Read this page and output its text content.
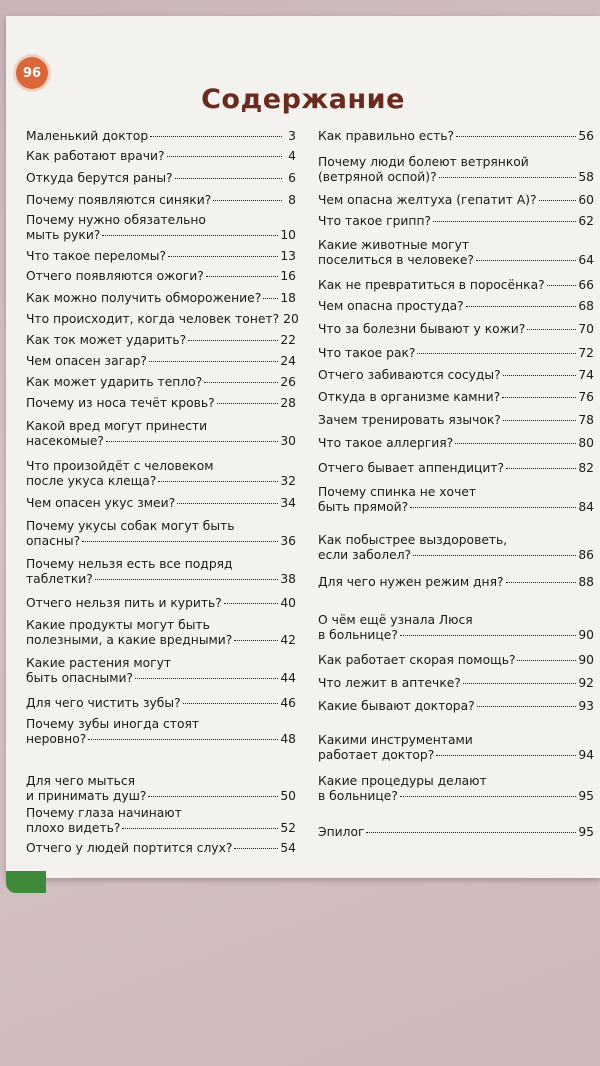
96
Содержание
Маленький доктор	3
Как работают врачи?	4
Откуда берутся раны?	6
Почему появляются синяки?	8
Почему нужно обязательно
мыть руки?	10
Что такое переломы?	13
Отчего появляются ожоги?	16
Как можно получить обморожение? 18
Что происходит, когда человек тонет? 20
Как ток может ударить?	22
Чем опасен загар?	24
Как может ударить тепло?	26
Почему из носа течёт кровь?	28
Какой вред могут принести
насекомые?	30
Что произойдёт с человеком
после укуса клеща?	32
Чем опасен укус змеи?	34
Почему укусы собак могут быть
опасны?	36
Почему нельзя есть все подряд
таблетки?	38
Отчего нельзя пить и курить?	40
Какие продукты могут быть
полезными, а какие вредными?	42
Какие растения могут
быть опасными?	44
Для чего чистить зубы?	46
Почему зубы иногда стоят
неровно?	48
Для чего мыться
и принимать душ?	50
Почему глаза начинают
плохо видеть?	52
Отчего у людей портится слух?	54
Как правильно есть?	56
Почему люди болеют ветрянкой
(ветряной оспой)?	58
Чем опасна желтуха (гепатит А)?	60
Что такое грипп?	62
Какие животные могут
поселиться в человеке?	64
Как не превратиться в поросёнка?	66
Чем опасна простуда?	68
Что за болезни бывают у кожи?	70
Что такое рак?	72
Отчего забиваются сосуды?	74
Откуда в организме камни?	76
Зачем тренировать язычок?	78
Что такое аллергия?	80
Отчего бывает аппендицит?	82
Почему спинка не хочет
быть прямой?	84
Как побыстрее выздороветь,
если заболел?	86
Для чего нужен режим дня?	88
О чём ещё узнала Люся
в больнице?	90
Как работает скорая помощь?	90
Что лежит в аптечке?	92
Какие бывают доктора?	93
Какими инструментами
работает доктор?	94
Какие процедуры делают
в больнице?	95
Эпилог	95
